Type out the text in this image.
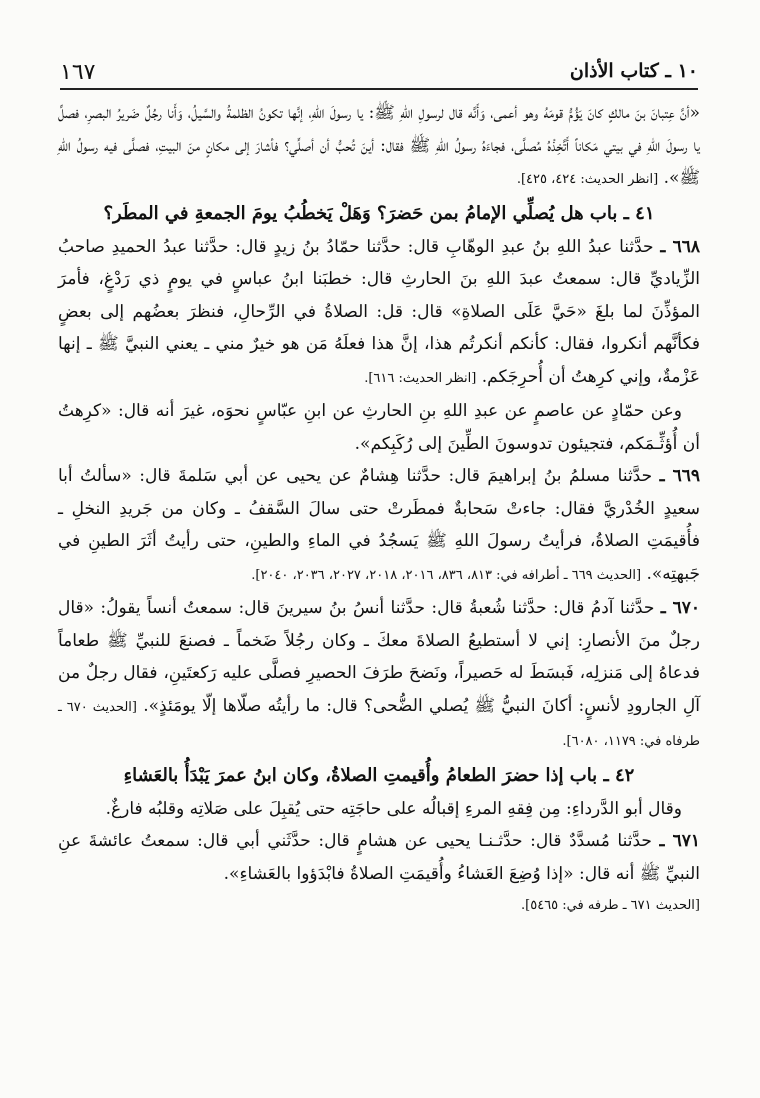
١٠ ـ كتاب الأذان
١٦٧

«أنَّ عِتبانَ بنَ مالكٍ كانَ يَؤُمُّ قومَهُ وهو أعمى، وَأَنَّه قال لرسولِ اللهِ ﷺ: يا رسولَ اللهِ، إنَّها تكونُ الظلمةُ والسَّيلُ، وَأَنا رجُلٌ ضَريرُ البصرِ، فصلِّ يا رسولَ اللهِ في بيتي مَكاناً أَتَّخِذْهُ مُصلَّى، فجاءَهُ رسولُ اللهِ ﷺ فقال: أينَ تُحبُّ أن أصلِّي؟ فأشارَ إلى مكانٍ منَ البيتِ، فصلَّى فيه رسولُ اللهِ ﷺ». [انظر الحديث: ٤٢٤، ٤٢٥].

٤١ ـ باب هل يُصلِّي الإمامُ بمن حَضرَ؟ وَهَلْ يَخطُبُ يومَ الجمعةِ في المطَر؟

٦٦٨ ـ حدَّثنا عبدُ اللهِ بنُ عبدِ الوهّابِ قال: حدَّثنا حمّادُ بنُ زيدٍ قال: حدَّثنا عبدُ الحميدِ صاحبُ الزِّياديِّ قال: سمعتُ عبدَ اللهِ بنَ الحارثِ قال: خطبَنا ابنُ عباسٍ في يومٍ ذي رَدْغٍ، فأمرَ المؤذِّنَ لما بلغَ «حَيَّ عَلَى الصلاةِ» قال: قل: الصلاةُ في الرِّحالِ، فنظرَ بعضُهم إلى بعضٍ فكأنَّهم أنكروا، فقال: كأنكم أنكرتُم هذا، إنَّ هذا فعلَهُ مَن هو خيرٌ مني ـ يعني النبيَّ ﷺ ـ إنها عَزْمةٌ، وإني كرِهتُ أن أُحرِجَكم. [انظر الحديث: ٦١٦].

وعن حمّادٍ عن عاصمٍ عن عبدِ اللهِ بنِ الحارثِ عن ابنِ عبّاسٍ نحوَه، غيرَ أنه قال: «كرِهتُ أن أُؤثِّـمَكم، فتجيئون تدوسونَ الطِّينَ إلى رُكَبِكم».

٦٦٩ ـ حدَّثنا مسلمُ بنُ إبراهيمَ قال: حدَّثنا هِشامٌ عن يحيى عن أبي سَلمةَ قال: «سألتُ أبا سعيدٍ الخُدْريَّ فقال: جاءتْ سَحابةٌ فمطَرتْ حتى سالَ السَّقفُ ـ وكان من جَريدِ النخلِ ـ فأُقيمَتِ الصلاةُ، فرأيتُ رسولَ اللهِ ﷺ يَسجُدُ في الماءِ والطينِ، حتى رأيتُ أثَرَ الطينِ في جَبهتِه». [الحديث ٦٦٩ ـ أطرافه في: ٨١٣، ٨٣٦، ٢٠١٦، ٢٠١٨، ٢٠٢٧، ٢٠٣٦، ٢٠٤٠].

٦٧٠ ـ حدَّثنا آدمُ قال: حدَّثنا شُعبةُ قال: حدَّثنا أنسُ بنُ سيرينَ قال: سمعتُ أنساً يقولُ: «قال رجلٌ منَ الأنصارِ: إني لا أستطيعُ الصلاةَ معكَ ـ وكان رجُلاً ضَخماً ـ فصنعَ للنبيِّ ﷺ طعاماً فدعاهُ إلى مَنزلِه، فَبسَطَ له حَصيراً، ونَضحَ طرَفَ الحصيرِ فصلَّى عليه رَكعتَينِ، فقال رجلٌ من آلِ الجارودِ لأنسٍ: أكانَ النبيُّ ﷺ يُصلي الضُّحى؟ قال: ما رأيتُه صلّاها إلّا يومَئذٍ». [الحديث ٦٧٠ ـ طرفاه في: ١١٧٩، ٦٠٨٠].

٤٢ ـ باب إذا حضرَ الطعامُ وأُقيمتِ الصلاةُ، وكان ابنُ عمرَ يَبْدَأُ بالعَشاءِ

وقال أبو الدَّرداءِ: مِن فِقهِ المرءِ إقبالُه على حاجَتِه حتى يُقبِلَ على صَلاتِه وقلبُه فارغٌ.

٦٧١ ـ حدَّثنا مُسدَّدٌ قال: حدَّثـنـا يحيى عن هشامٍ قال: حدَّثَني أبي قال: سمعتُ عائشةَ عنِ النبيِّ ﷺ أنه قال: «إذا وُضِعَ العَشاءُ وأُقيمَتِ الصلاةُ فابْدَؤوا بالعَشاءِ».

[الحديث ٦٧١ ـ طرفه في: ٥٤٦٥].
